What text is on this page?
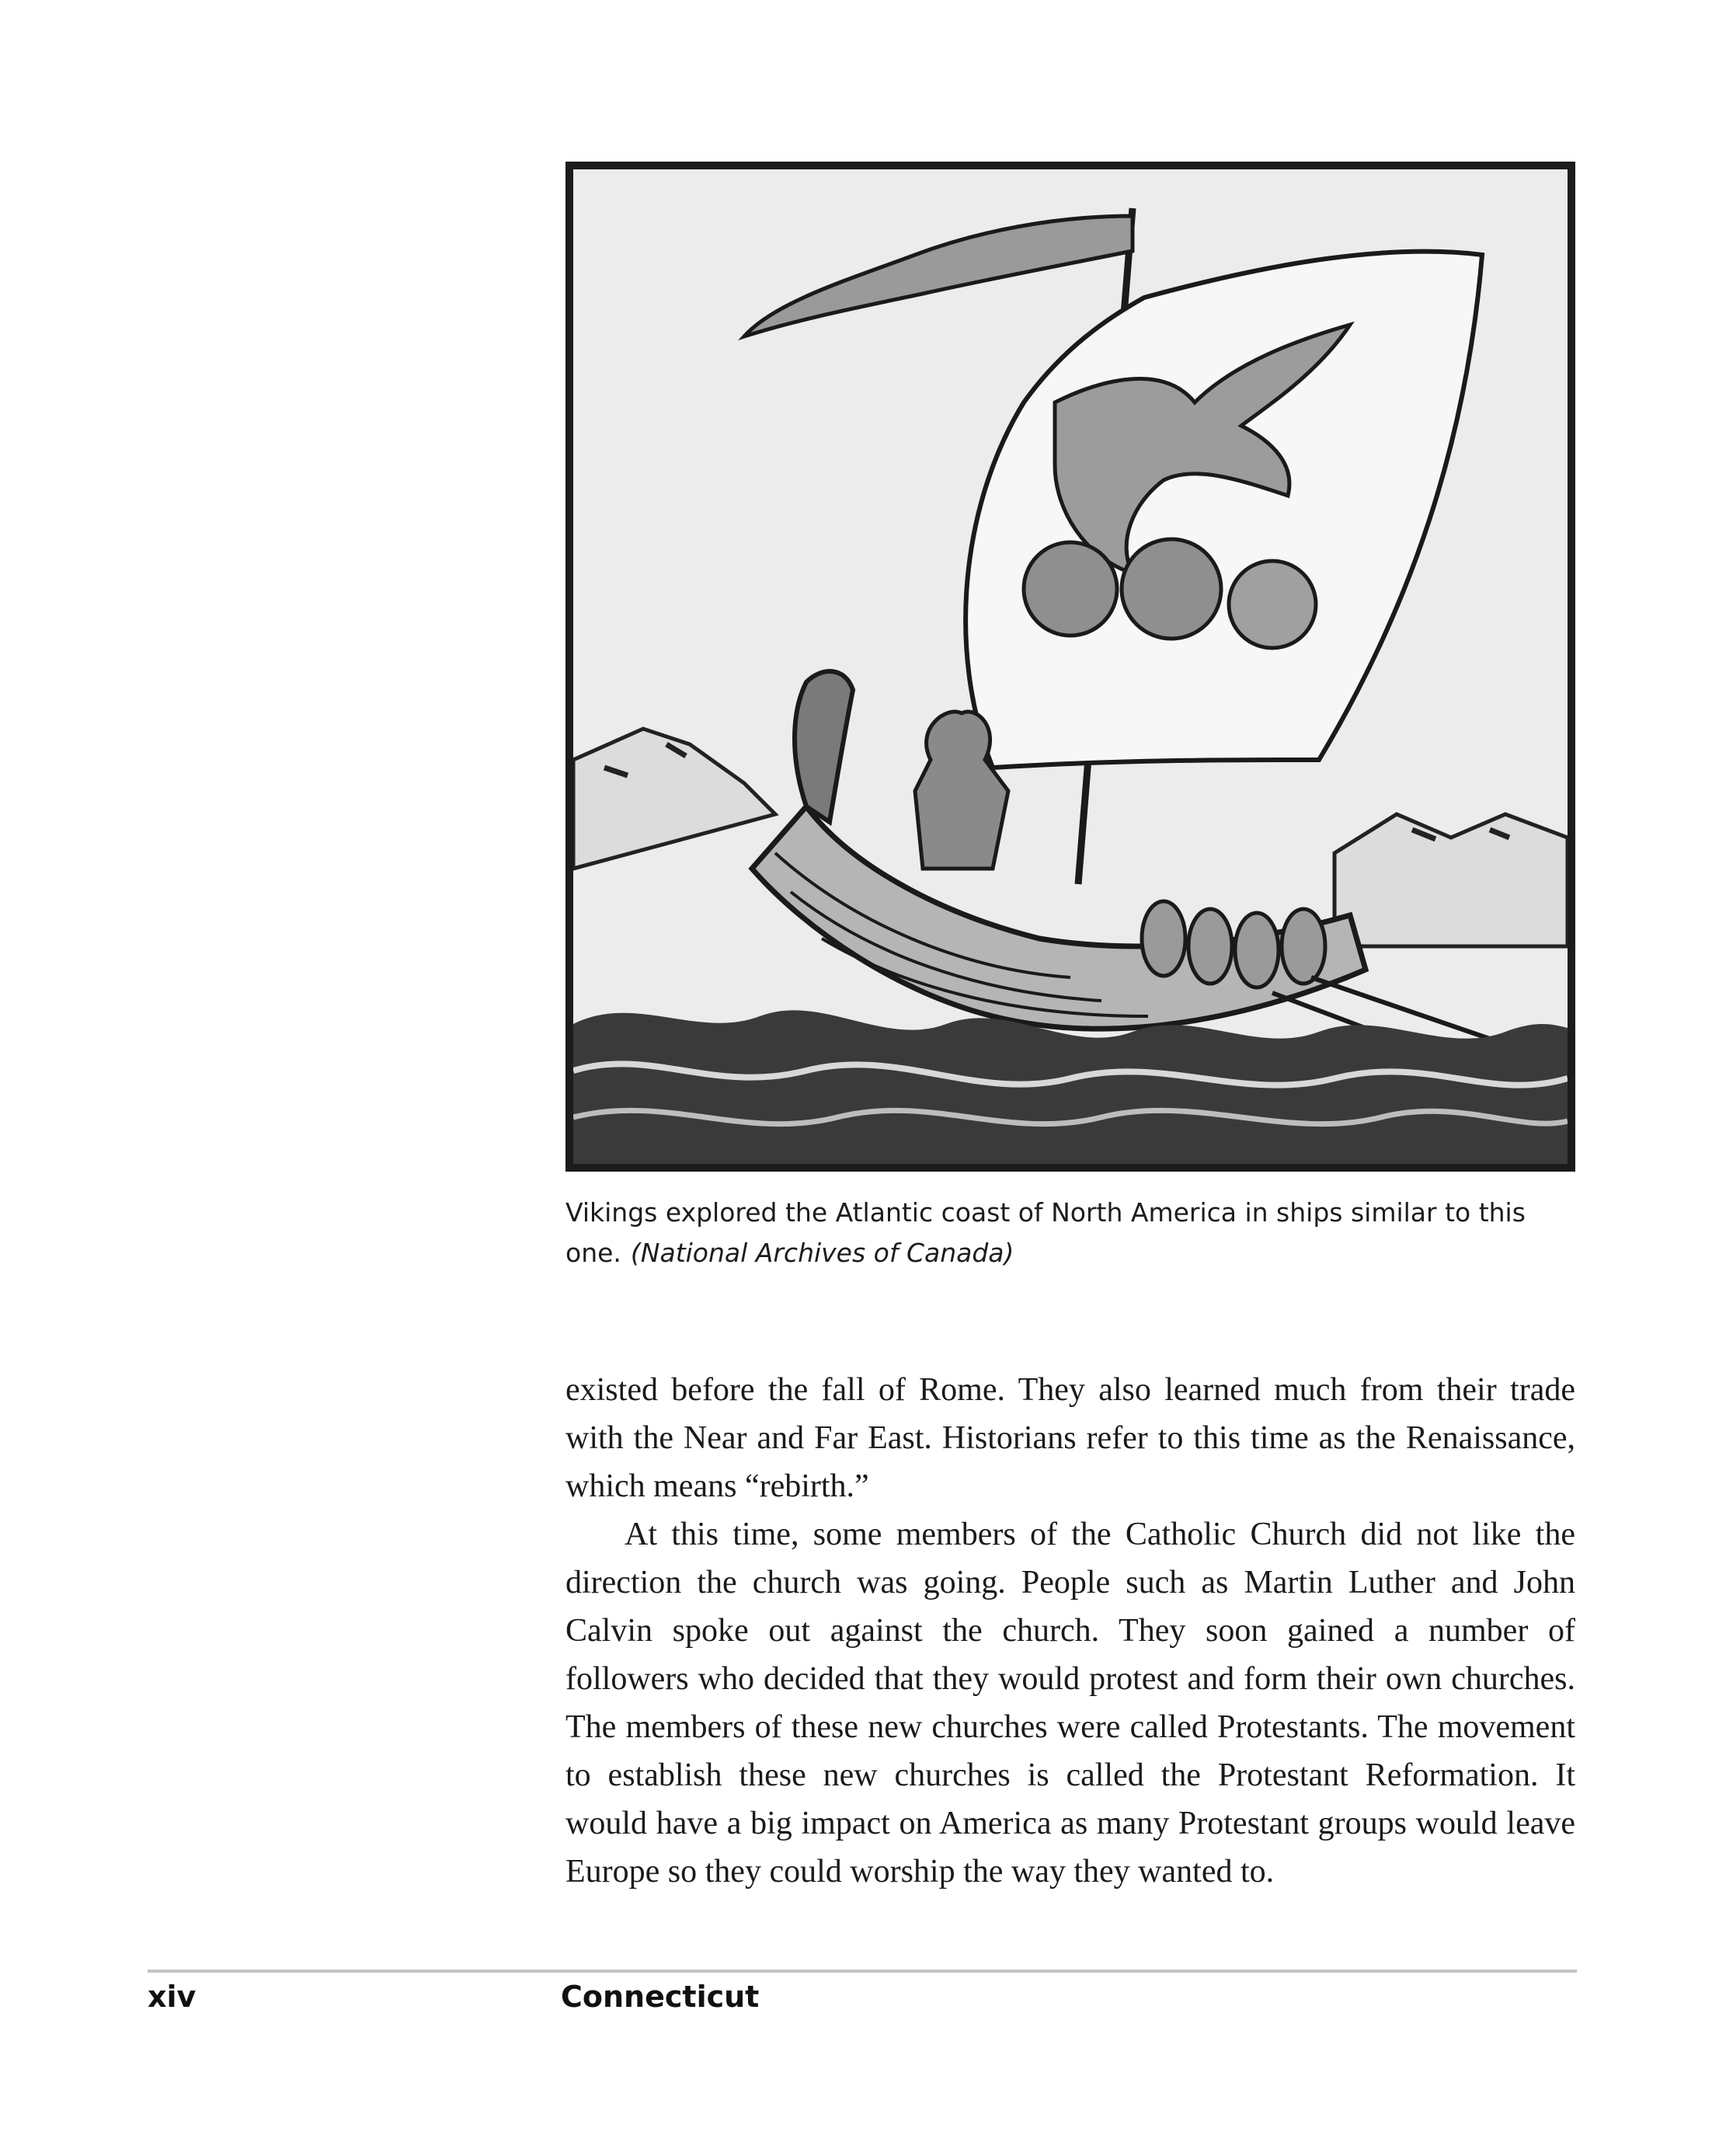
Vikings explored the Atlantic coast of North America in ships similar to this one. (National Archives of Canada)

existed before the fall of Rome. They also learned much from their trade with the Near and Far East. Historians refer to this time as the Renaissance, which means “rebirth.”

At this time, some members of the Catholic Church did not like the direction the church was going. People such as Martin Luther and John Calvin spoke out against the church. They soon gained a number of followers who decided that they would protest and form their own churches. The members of these new churches were called Protestants. The movement to establish these new churches is called the Protestant Reformation. It would have a big impact on America as many Protestant groups would leave Europe so they could worship the way they wanted to.

xiv	Connecticut
